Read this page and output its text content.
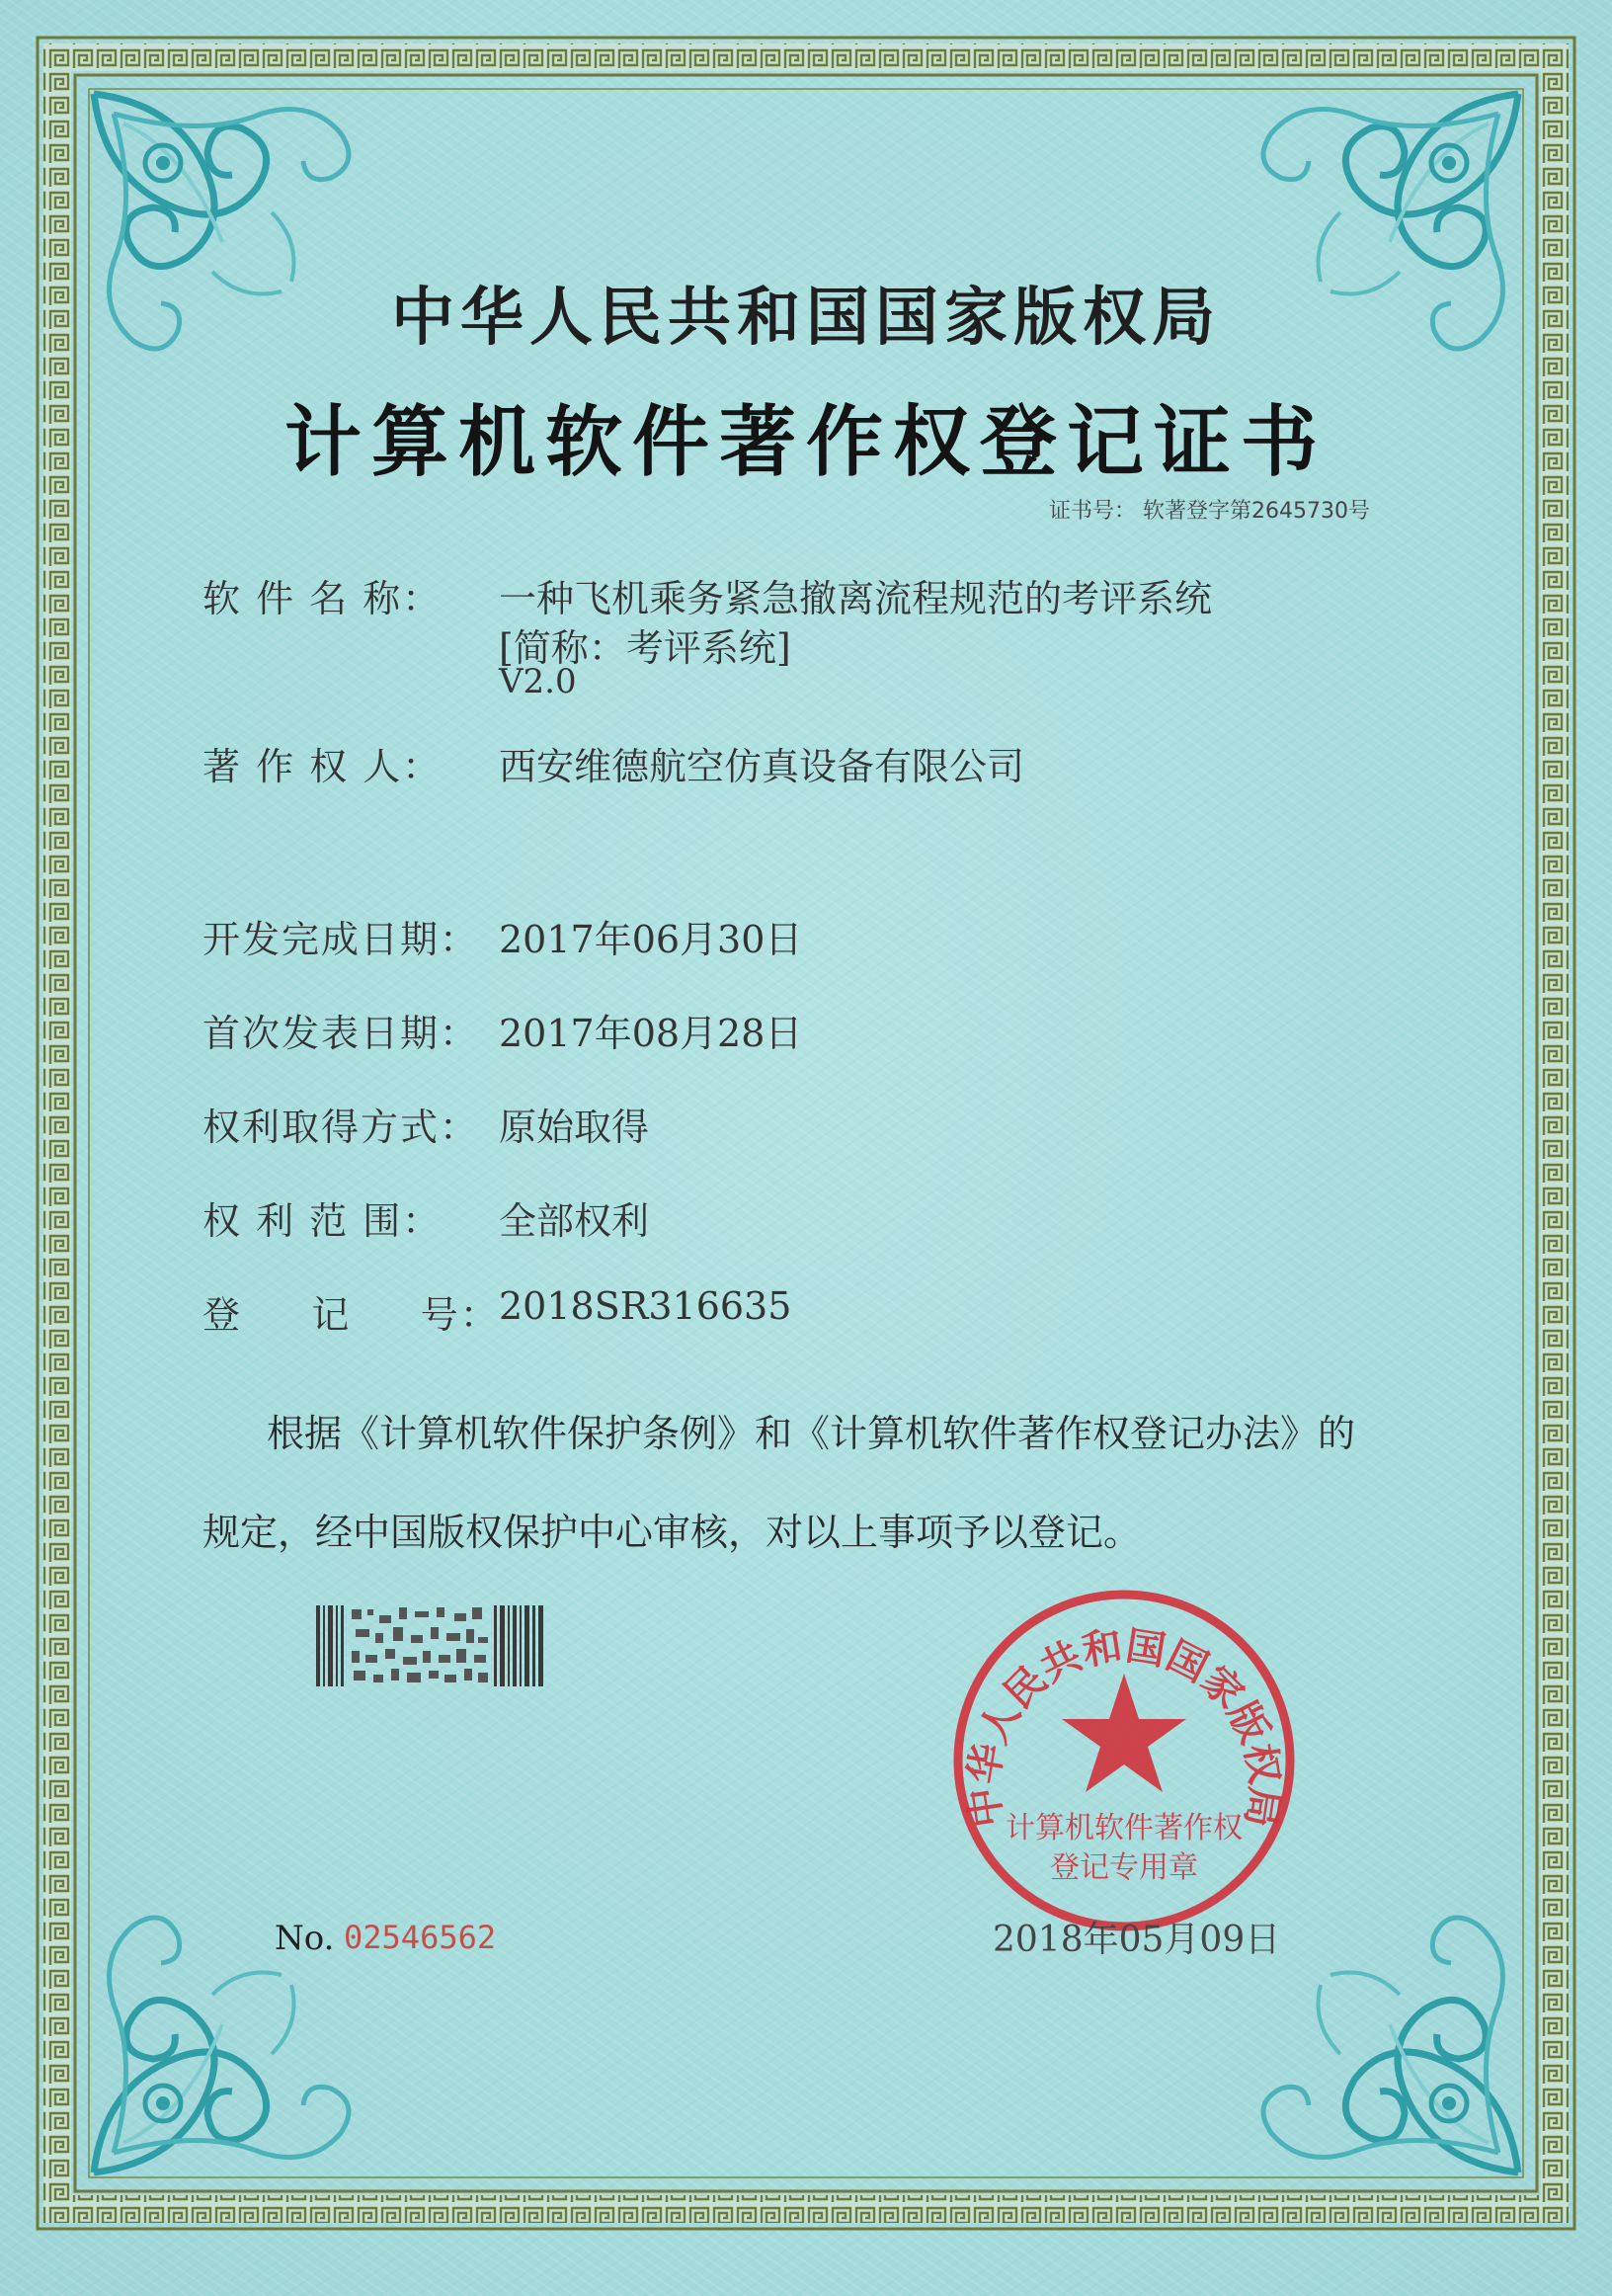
中华人民共和国国家版权局
计算机软件著作权登记证书
证书号： 软著登字第2645730号
软 件 名 称： 一种飞机乘务紧急撤离流程规范的考评系统
[简称：考评系统]
V2.0
著 作 权 人： 西安维德航空仿真设备有限公司
开发完成日期： 2017年06月30日
首次发表日期： 2017年08月28日
权利取得方式： 原始取得
权 利 范 围： 全部权利
登     记     号： 2018SR316635
根据《计算机软件保护条例》和《计算机软件著作权登记办法》的
规定，经中国版权保护中心审核，对以上事项予以登记。
中华人民共和国国家版权局
计算机软件著作权
登记专用章
No. 02546562	2018年05月09日
